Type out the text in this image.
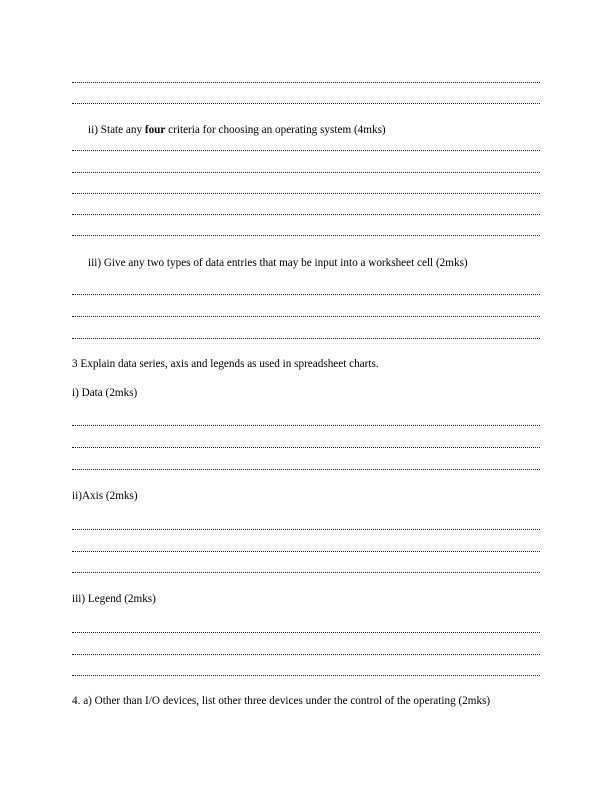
ii) State any four criteria for choosing an operating system (4mks)
iii) Give any two types of data entries that may be input into a worksheet cell (2mks)
3 Explain data series, axis and legends as used in spreadsheet charts.
i) Data (2mks)
ii)Axis (2mks)
iii) Legend (2mks)
4. a) Other than I/O devices, list other three devices under the control of the operating (2mks)
